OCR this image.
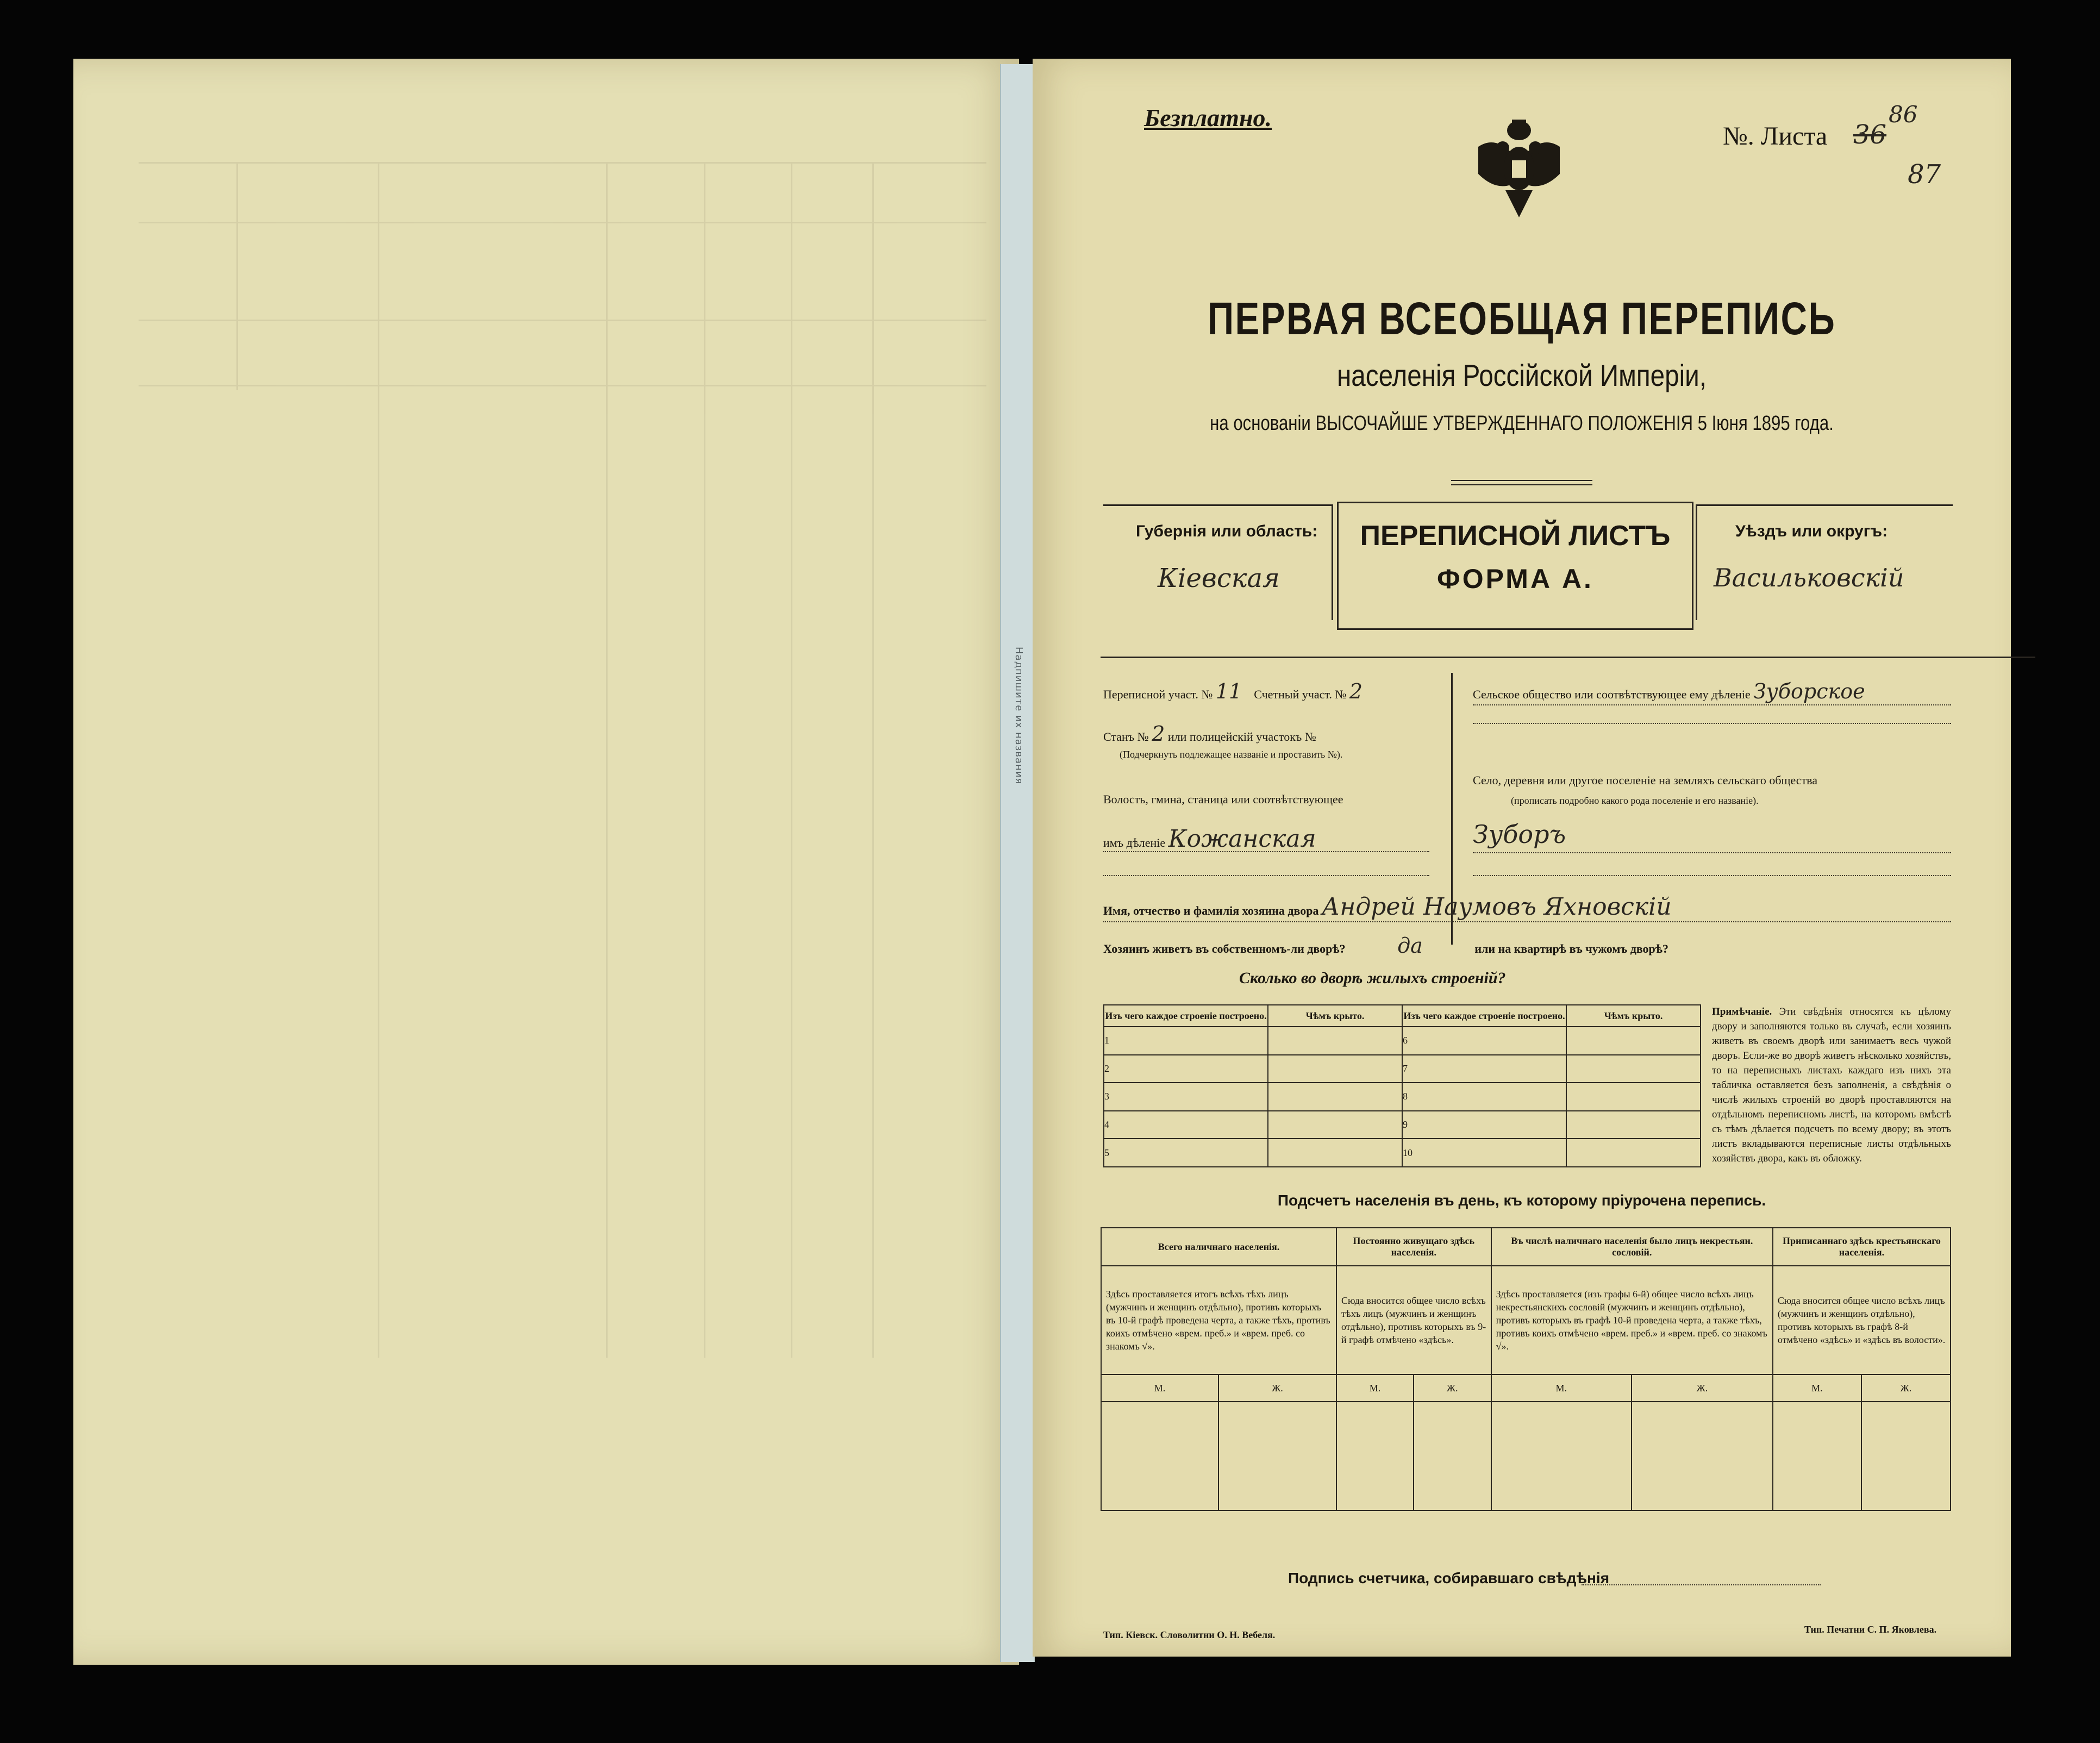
Надпишите их названия
Безплатно.
№. Листа 36
86
87
ПЕРВАЯ ВСЕОБЩАЯ ПЕРЕПИСЬ
населенія Россійской Имперіи,
на основаніи ВЫСОЧАЙШЕ УТВЕРЖДЕННАГО ПОЛОЖЕНІЯ 5 Іюня 1895 года.
Губернія или область:
Кіевская
ПЕРЕПИСНОЙ ЛИСТЪ
ФОРМА А.
Уѣздъ или округъ:
Васильковскій
Переписной участ. № 11 Счетный участ. № 2
Станъ № 2 или полицейскій участокъ №
(Подчеркнуть подлежащее названіе и проставить №).
Волость, гмина, станица или соотвѣтствующее
имъ дѣленіе Кожанская
Сельское общество или соотвѣтствующее ему дѣленіе Зуборское
Село, деревня или другое поселеніе на земляхъ сельскаго общества
(прописать подробно какого рода поселеніе и его названіе).
Зуборъ
Имя, отчество и фамилія хозяина двора Андрей Наумовъ Яхновскій
Хозяинъ живетъ въ собственномъ-ли дворѣ?	да	или на квартирѣ въ чужомъ дворѣ?
Сколько во дворѣ жилыхъ строеній?
Изъ чего каждое строеніе построено.	Чѣмъ крыто.	Изъ чего каждое строеніе построено.	Чѣмъ крыто.
1		6	
2		7	
3		8	
4		9	
5		10	
Примѣчаніе. Эти свѣдѣнія относятся къ цѣлому двору и заполняются только въ случаѣ, если хозяинъ живетъ въ своемъ дворѣ или занимаетъ весь чужой дворъ. Если-же во дворѣ живетъ нѣсколько хозяйствъ, то на переписныхъ листахъ каждаго изъ нихъ эта табличка оставляется безъ заполненія, а свѣдѣнія о числѣ жилыхъ строеній во дворѣ проставляются на отдѣльномъ переписномъ листѣ, на которомъ вмѣстѣ съ тѣмъ дѣлается подсчетъ по всему двору; въ этотъ листъ вкладываются переписные листы отдѣльныхъ хозяйствъ двора, какъ въ обложку.
Подсчетъ населенія въ день, къ которому пріурочена перепись.
Всего наличнаго населенія.		Постоянно живущаго здѣсь населенія.		Въ числѣ наличнаго населенія было лицъ некрестьян. сословій.		Приписаннаго здѣсь крестьянскаго населенія.	
Здѣсь проставляется итогъ всѣхъ тѣхъ лицъ (мужчинъ и женщинъ отдѣльно), противъ которыхъ въ 10-й графѣ проведена черта, а также тѣхъ, противъ коихъ отмѣчено «врем. преб.» и «врем. преб. со знакомъ √».		Сюда вносится общее число всѣхъ тѣхъ лицъ (мужчинъ и женщинъ отдѣльно), противъ которыхъ въ 9-й графѣ отмѣчено «здѣсь».		Здѣсь проставляется (изъ графы 6-й) общее число всѣхъ лицъ некрестьянскихъ сословій (мужчинъ и женщинъ отдѣльно), противъ которыхъ въ графѣ 10-й проведена черта, а также тѣхъ, противъ коихъ отмѣчено «врем. преб.» и «врем. преб. со знакомъ √».		Сюда вносится общее число всѣхъ лицъ (мужчинъ и женщинъ отдѣльно), противъ которыхъ въ графѣ 8-й отмѣчено «здѣсь» и «здѣсь въ волости».	
М.	Ж.	М.	Ж.	М.	Ж.	М.	Ж.

Подпись счетчика, собиравшаго свѣдѣнія
Тип. Кіевск. Словолитни О. Н. Вебеля.	Тип. Печатни С. П. Яковлева.
